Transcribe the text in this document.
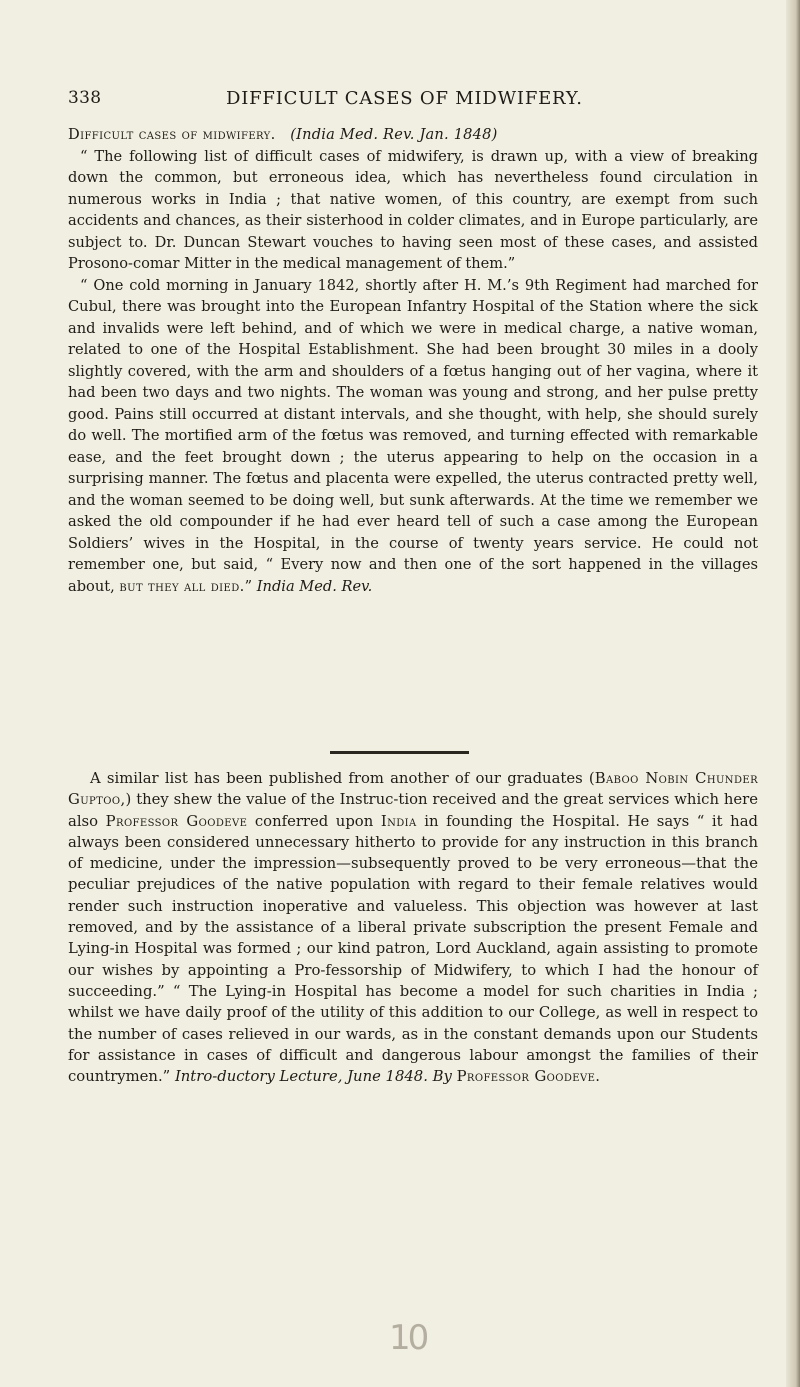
338	DIFFICULT CASES OF MIDWIFERY.

Difficult cases of midwifery. (India Med. Rev. Jan. 1848)

“ The following list of difficult cases of midwifery, is drawn up, with a view of breaking down the common, but erroneous idea, which has nevertheless found circulation in numerous works in India ; that native women, of this country, are exempt from such accidents and chances, as their sisterhood in colder climates, and in Europe particularly, are subject to. Dr. Duncan Stewart vouches to having seen most of these cases, and assisted Prosono-comar Mitter in the medical management of them.”

“ One cold morning in January 1842, shortly after H. M.’s 9th Regiment had marched for Cubul, there was brought into the European Infantry Hospital of the Station where the sick and invalids were left behind, and of which we were in medical charge, a native woman, related to one of the Hospital Establishment. She had been brought 30 miles in a dooly slightly covered, with the arm and shoulders of a fœtus hanging out of her vagina, where it had been two days and two nights. The woman was young and strong, and her pulse pretty good. Pains still occurred at distant intervals, and she thought, with help, she should surely do well. The mortified arm of the fœtus was removed, and turning effected with remarkable ease, and the feet brought down ; the uterus appearing to help on the occasion in a surprising manner. The fœtus and placenta were expelled, the uterus contracted pretty well, and the woman seemed to be doing well, but sunk afterwards. At the time we remember we asked the old compounder if he had ever heard tell of such a case among the European Soldiers’ wives in the Hospital, in the course of twenty years service. He could not remember one, but said, “ Every now and then one of the sort happened in the villages about, but they all died.” India Med. Rev.

A similar list has been published from another of our graduates (Baboo Nobin Chunder Guptoo,) they shew the value of the Instruc-tion received and the great services which here also Professor Goodeve conferred upon India in founding the Hospital. He says “ it had always been considered unnecessary hitherto to provide for any instruction in this branch of medicine, under the impression—subsequently proved to be very erroneous—that the peculiar prejudices of the native population with regard to their female relatives would render such instruction inoperative and valueless. This objection was however at last removed, and by the assistance of a liberal private subscription the present Female and Lying-in Hospital was formed ; our kind patron, Lord Auckland, again assisting to promote our wishes by appointing a Pro-fessorship of Midwifery, to which I had the honour of succeeding.” “ The Lying-in Hospital has become a model for such charities in India ; whilst we have daily proof of the utility of this addition to our College, as well in respect to the number of cases relieved in our wards, as in the constant demands upon our Students for assistance in cases of difficult and dangerous labour amongst the families of their countrymen.” Intro-ductory Lecture, June 1848. By Professor Goodeve.

10
